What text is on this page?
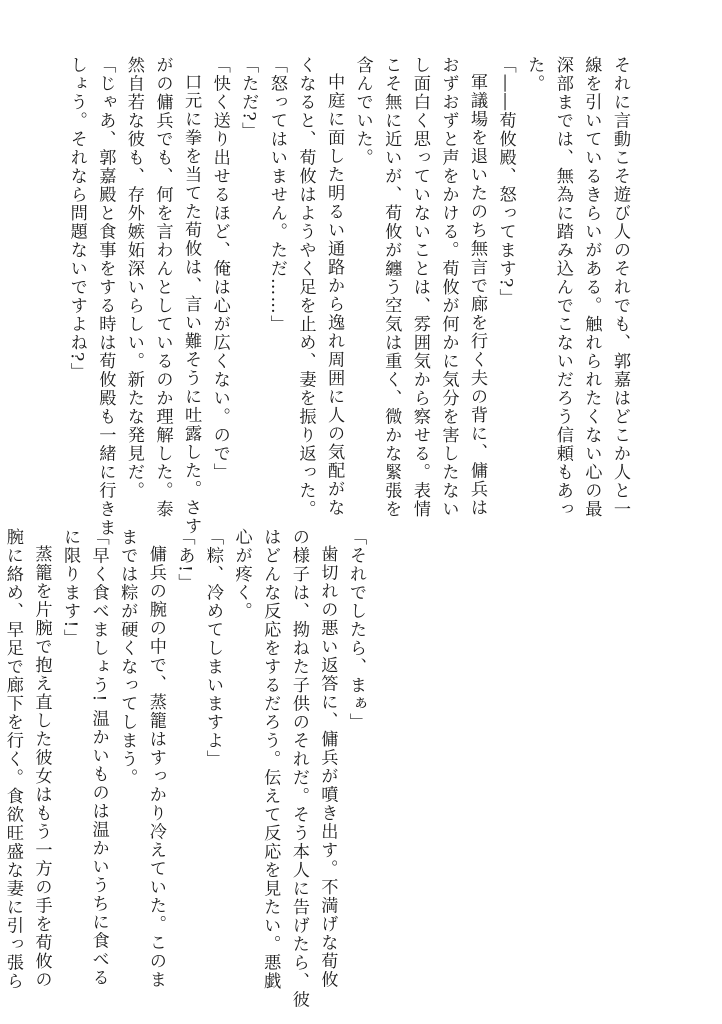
それに言動こそ遊び人のそれでも、郭嘉はどこか人と一
線を引いているきらいがある。触れられたくない心の最
深部までは、無為に踏み込んでこないだろう信頼もあっ
た。
「――荀攸殿、怒ってます?」
軍議場を退いたのち無言で廊を行く夫の背に、傭兵は
おずおずと声をかける。荀攸が何かに気分を害したない
し面白く思っていないことは、雰囲気から察せる。表情
こそ無に近いが、荀攸が纏う空気は重く、微かな緊張を
含んでいた。
中庭に面した明るい通路から逸れ周囲に人の気配がな
くなると、荀攸はようやく足を止め、妻を振り返った。
「怒ってはいません。ただ……」
「ただ?」
「快く送り出せるほど、俺は心が広くない。ので」
口元に拳を当てた荀攸は、言い難そうに吐露した。さす
がの傭兵でも、何を言わんとしているのか理解した。泰
然自若な彼も、存外嫉妬深いらしい。新たな発見だ。
「じゃあ、郭嘉殿と食事をする時は荀攸殿も一緒に行きま
しょう。それなら問題ないですよね?」
「それでしたら、まぁ」
歯切れの悪い返答に、傭兵が噴き出す。不満げな荀攸
の様子は、拗ねた子供のそれだ。そう本人に告げたら、彼
はどんな反応をするだろう。伝えて反応を見たい。悪戯
心が疼く。
「粽、冷めてしまいますよ」
「あ!」
傭兵の腕の中で、蒸籠はすっかり冷えていた。このま
までは粽が硬くなってしまう。
「早く食べましょう! 温かいものは温かいうちに食べる
に限ります!」
蒸籠を片腕で抱え直した彼女はもう一方の手を荀攸の
腕に絡め、早足で廊下を行く。食欲旺盛な妻に引っ張ら
